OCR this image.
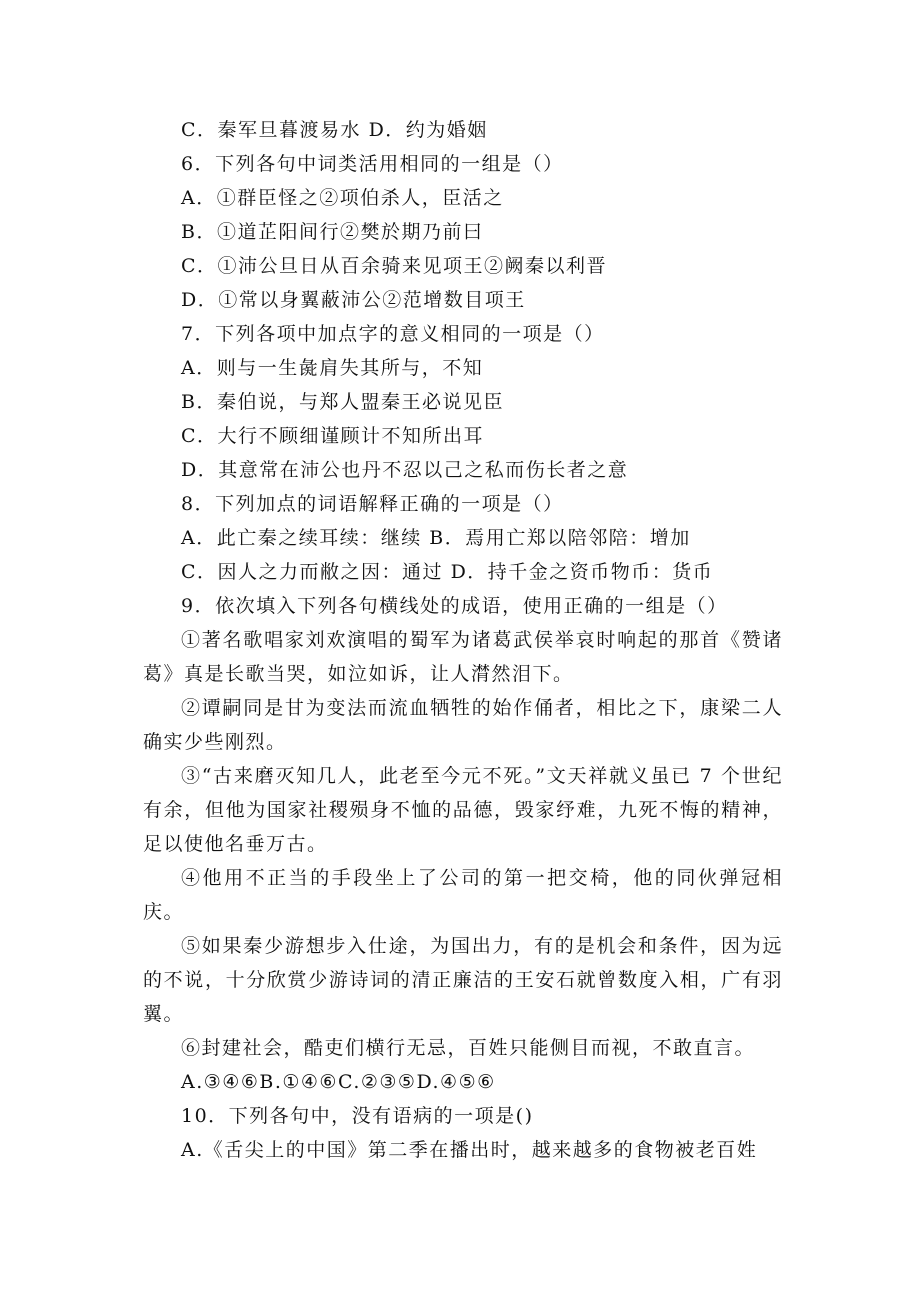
C．秦军旦暮渡易水 D．约为婚姻
6．下列各句中词类活用相同的一组是（）
A．①群臣怪之②项伯杀人，臣活之
B．①道芷阳间行②樊於期乃前曰
C．①沛公旦日从百余骑来见项王②阙秦以利晋
D．①常以身翼蔽沛公②范增数目项王
7．下列各项中加点字的意义相同的一项是（）
A．则与一生彘肩失其所与，不知
B．秦伯说，与郑人盟秦王必说见臣
C．大行不顾细谨顾计不知所出耳
D．其意常在沛公也丹不忍以己之私而伤长者之意
8．下列加点的词语解释正确的一项是（）
A．此亡秦之续耳续：继续 B．焉用亡郑以陪邻陪：增加
C．因人之力而敝之因：通过 D．持千金之资币物币：货币
9．依次填入下列各句横线处的成语，使用正确的一组是（）

①著名歌唱家刘欢演唱的蜀军为诸葛武侯举哀时响起的那首《赞诸葛》真是长歌当哭，如泣如诉，让人潸然泪下。

②谭嗣同是甘为变法而流血牺牲的始作俑者，相比之下，康梁二人确实少些刚烈。

③“古来磨灭知几人，此老至今元不死。”文天祥就义虽已 7 个世纪有余，但他为国家社稷殒身不恤的品德，毁家纾难，九死不悔的精神，足以使他名垂万古。

④他用不正当的手段坐上了公司的第一把交椅，他的同伙弹冠相庆。

⑤如果秦少游想步入仕途，为国出力，有的是机会和条件，因为远的不说，十分欣赏少游诗词的清正廉洁的王安石就曾数度入相，广有羽翼。

⑥封建社会，酷吏们横行无忌，百姓只能侧目而视，不敢直言。

A.③④⑥B.①④⑥C.②③⑤D.④⑤⑥
10．下列各句中，没有语病的一项是()
A.《舌尖上的中国》第二季在播出时，越来越多的食物被老百姓
